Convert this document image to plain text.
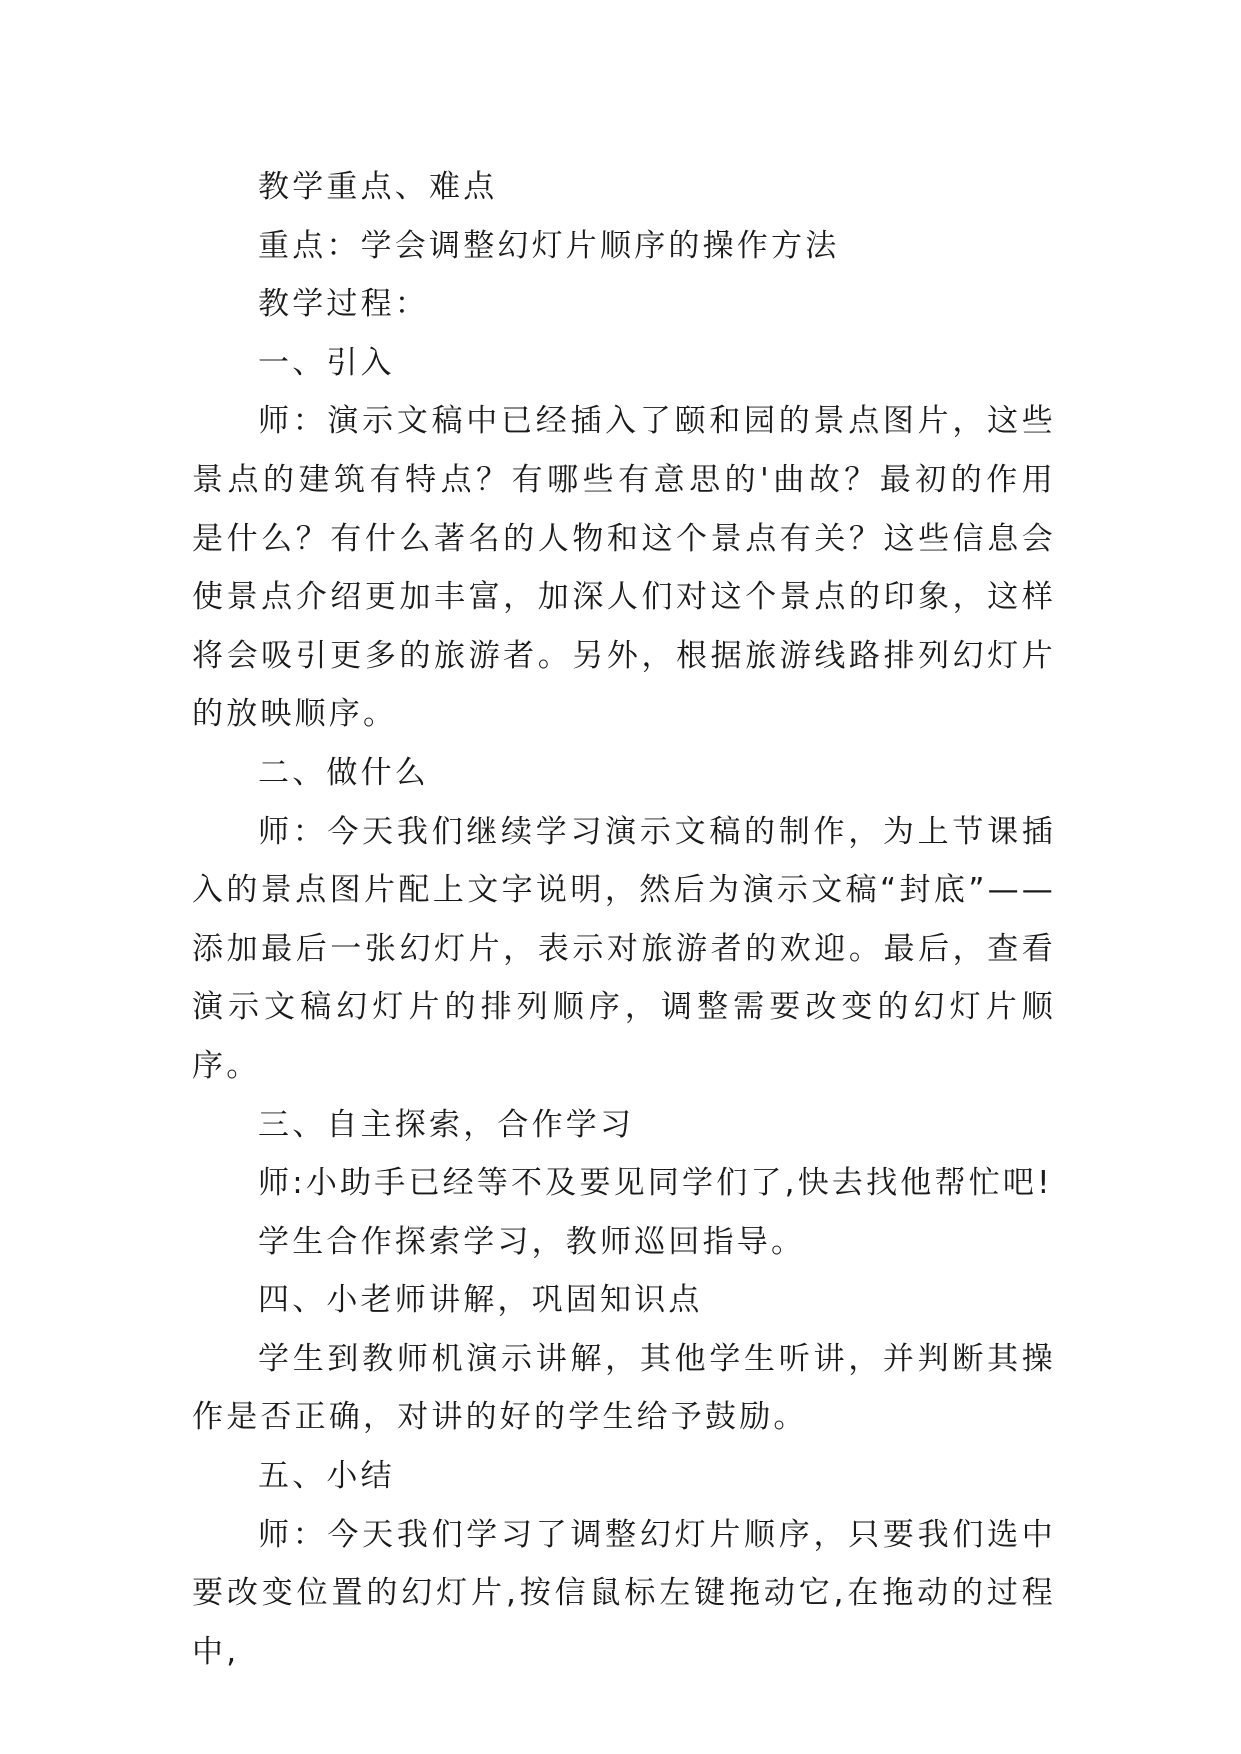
教学重点、难点

重点：学会调整幻灯片顺序的操作方法

教学过程：

一、引入

师：演示文稿中已经插入了颐和园的景点图片，这些景点的建筑有特点？有哪些有意思的'曲故？最初的作用是什么？有什么著名的人物和这个景点有关？这些信息会使景点介绍更加丰富，加深人们对这个景点的印象，这样将会吸引更多的旅游者。另外，根据旅游线路排列幻灯片的放映顺序。

二、做什么

师：今天我们继续学习演示文稿的制作，为上节课插入的景点图片配上文字说明，然后为演示文稿“封底”——添加最后一张幻灯片，表示对旅游者的欢迎。最后，查看演示文稿幻灯片的排列顺序，调整需要改变的幻灯片顺序。

三、自主探索，合作学习

师:小助手已经等不及要见同学们了,快去找他帮忙吧!

学生合作探索学习，教师巡回指导。

四、小老师讲解，巩固知识点

学生到教师机演示讲解，其他学生听讲，并判断其操作是否正确，对讲的好的学生给予鼓励。

五、小结

师：今天我们学习了调整幻灯片顺序，只要我们选中要改变位置的幻灯片,按信鼠标左键拖动它,在拖动的过程中,
